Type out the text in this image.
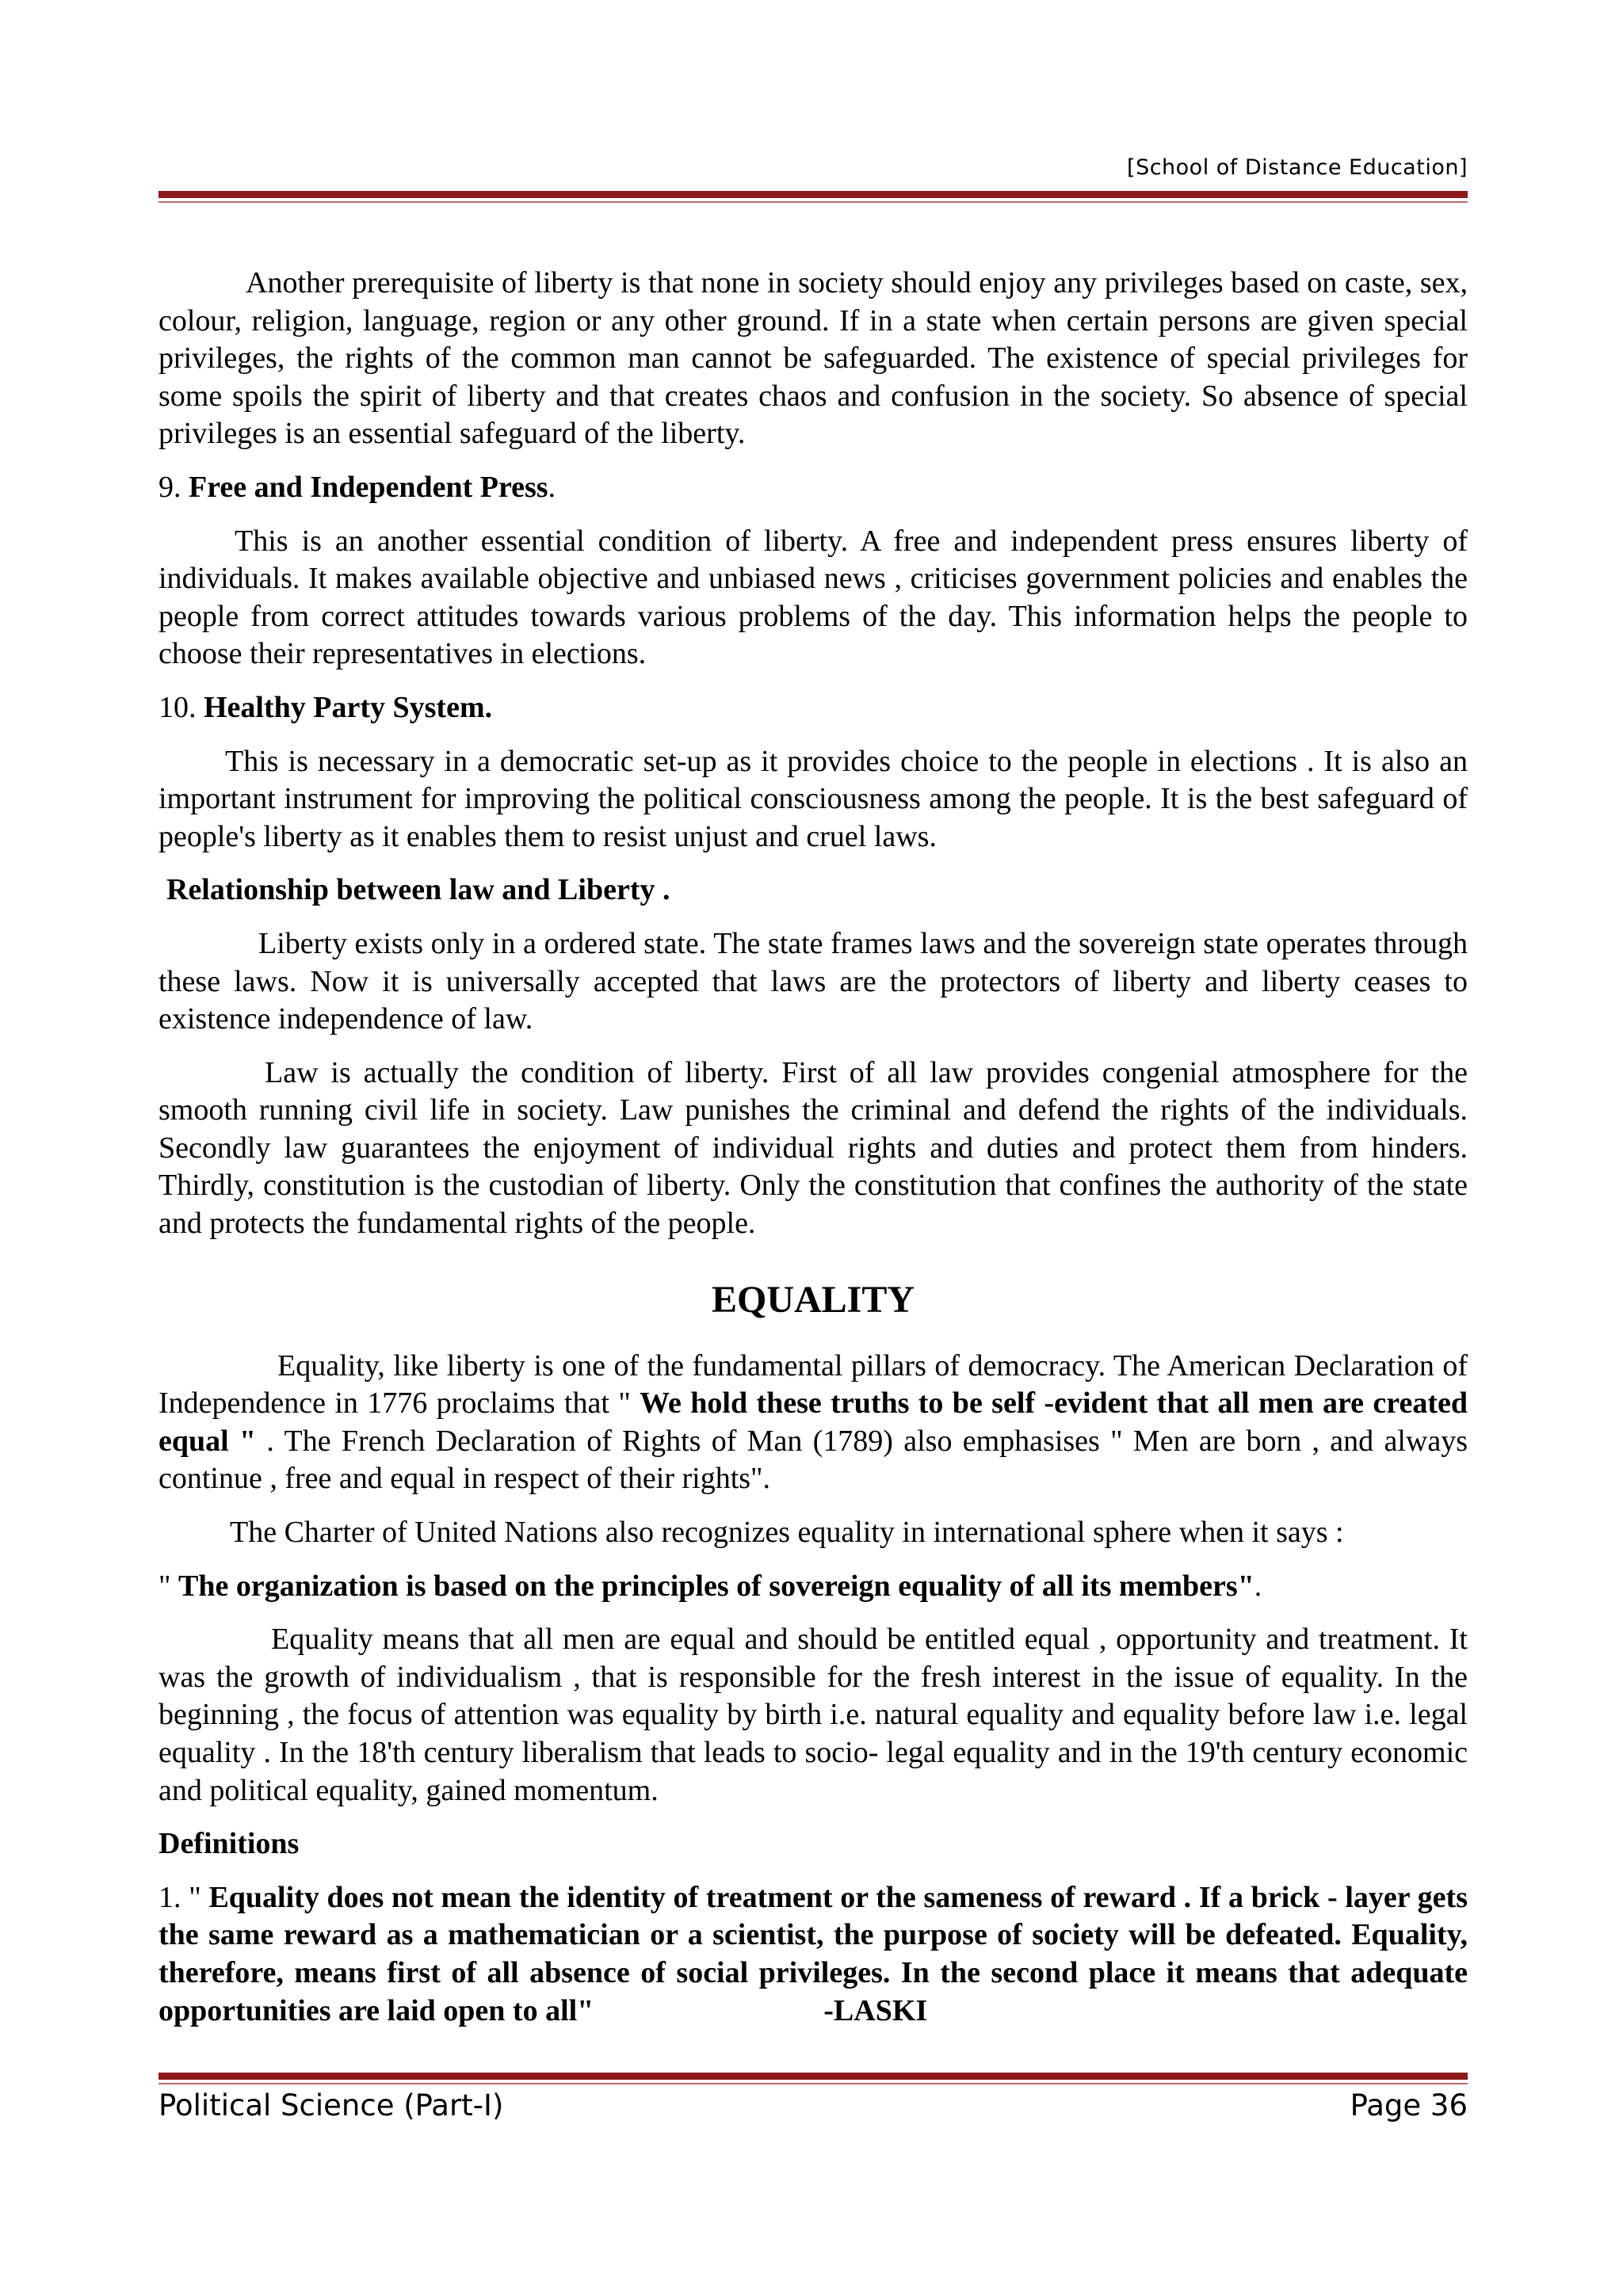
[School of Distance Education]

Another prerequisite of liberty is that none in society should enjoy any privileges based on caste, sex, colour, religion, language, region or any other ground. If in a state when certain persons are given special privileges, the rights of the common man cannot be safeguarded. The existence of special privileges for some spoils the spirit of liberty and that creates chaos and confusion in the society. So absence of special privileges is an essential safeguard of the liberty.

9. Free and Independent Press.

This is an another essential condition of liberty. A free and independent press ensures liberty of individuals. It makes available objective and unbiased news , criticises government policies and enables the people from correct attitudes towards various problems of the day. This information helps the people to choose their representatives in elections.

10. Healthy Party System.

This is necessary in a democratic set-up as it provides choice to the people in elections . It is also an important instrument for improving the political consciousness among the people. It is the best safeguard of people's liberty as it enables them to resist unjust and cruel laws.

Relationship between law and Liberty .

Liberty exists only in a ordered state. The state frames laws and the sovereign state operates through these laws. Now it is universally accepted that laws are the protectors of liberty and liberty ceases to existence independence of law.

Law is actually the condition of liberty. First of all law provides congenial atmosphere for the smooth running civil life in society. Law punishes the criminal and defend the rights of the individuals. Secondly law guarantees the enjoyment of individual rights and duties and protect them from hinders. Thirdly, constitution is the custodian of liberty. Only the constitution that confines the authority of the state and protects the fundamental rights of the people.

EQUALITY

Equality, like liberty is one of the fundamental pillars of democracy. The American Declaration of Independence in 1776 proclaims that " We hold these truths to be self -evident that all men are created equal " . The French Declaration of Rights of Man (1789) also emphasises " Men are born , and always continue , free and equal in respect of their rights".

The Charter of United Nations also recognizes equality in international sphere when it says :

" The organization is based on the principles of sovereign equality of all its members".

Equality means that all men are equal and should be entitled equal , opportunity and treatment. It was the growth of individualism , that is responsible for the fresh interest in the issue of equality. In the beginning , the focus of attention was equality by birth i.e. natural equality and equality before law i.e. legal equality . In the 18'th century liberalism that leads to socio- legal equality and in the 19'th century economic and political equality, gained momentum.

Definitions

1. " Equality does not mean the identity of treatment or the sameness of reward . If a brick - layer gets the same reward as a mathematician or a scientist, the purpose of society will be defeated. Equality, therefore, means first of all absence of social privileges. In the second place it means that adequate opportunities are laid open to all"	-LASKI

Political Science (Part-I)	Page 36
